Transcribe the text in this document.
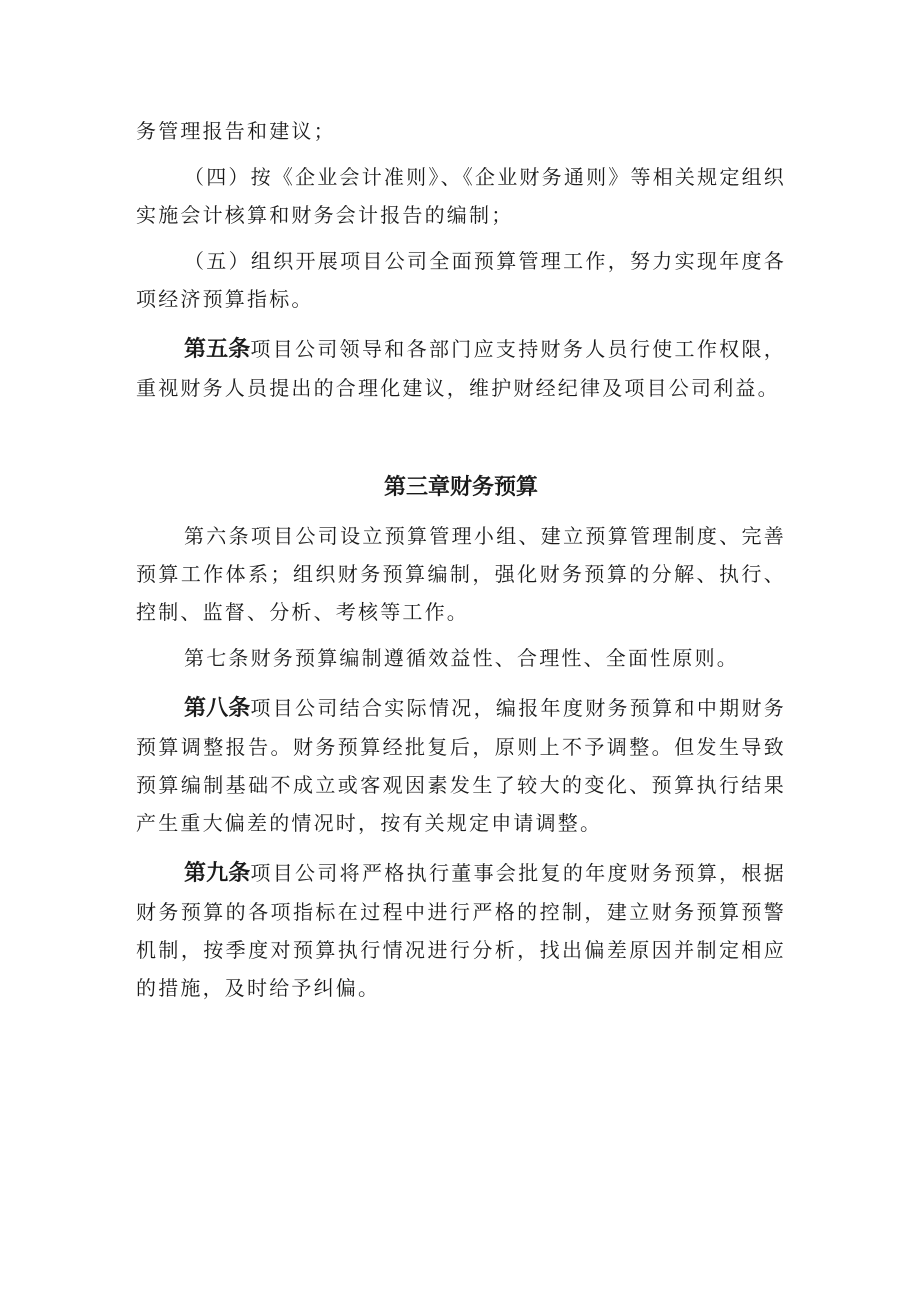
务管理报告和建议；

（四）按《企业会计准则》、《企业财务通则》等相关规定组织实施会计核算和财务会计报告的编制；

（五）组织开展项目公司全面预算管理工作，努力实现年度各项经济预算指标。

第五条项目公司领导和各部门应支持财务人员行使工作权限，重视财务人员提出的合理化建议，维护财经纪律及项目公司利益。

第三章财务预算

第六条项目公司设立预算管理小组、建立预算管理制度、完善预算工作体系；组织财务预算编制，强化财务预算的分解、执行、控制、监督、分析、考核等工作。

第七条财务预算编制遵循效益性、合理性、全面性原则。

第八条项目公司结合实际情况，编报年度财务预算和中期财务预算调整报告。财务预算经批复后，原则上不予调整。但发生导致预算编制基础不成立或客观因素发生了较大的变化、预算执行结果产生重大偏差的情况时，按有关规定申请调整。

第九条项目公司将严格执行董事会批复的年度财务预算，根据财务预算的各项指标在过程中进行严格的控制，建立财务预算预警机制，按季度对预算执行情况进行分析，找出偏差原因并制定相应的措施，及时给予纠偏。
